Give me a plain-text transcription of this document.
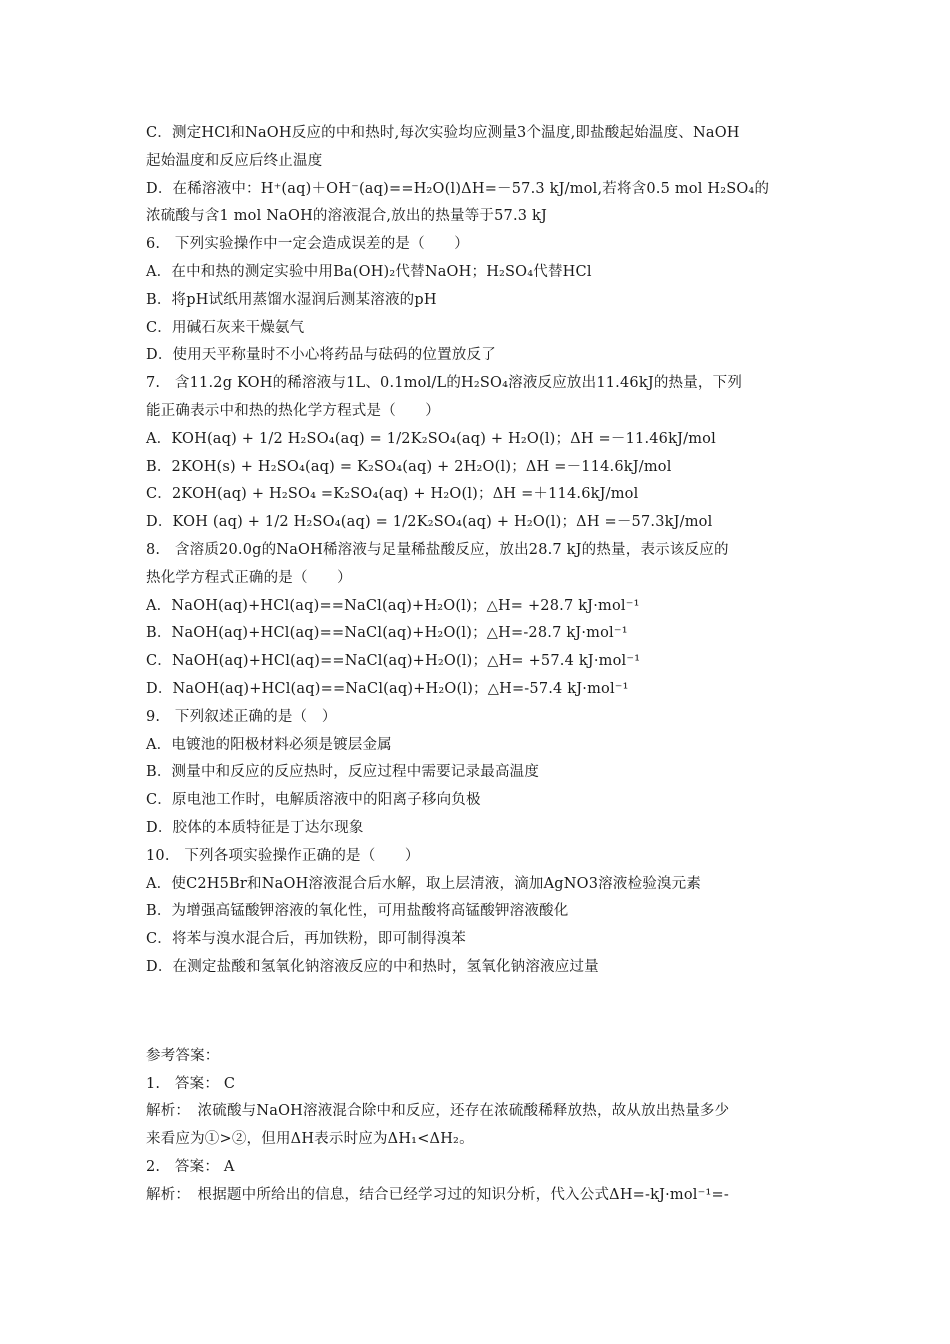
C．测定HCl和NaOH反应的中和热时,每次实验均应测量3个温度,即盐酸起始温度、NaOH
起始温度和反应后终止温度
D．在稀溶液中：H⁺(aq)＋OH⁻(aq)==H₂O(l)ΔH=－57.3 kJ/mol,若将含0.5 mol H₂SO₄的
浓硫酸与含1 mol NaOH的溶液混合,放出的热量等于57.3 kJ
6.　下列实验操作中一定会造成误差的是（　　）
A．在中和热的测定实验中用Ba(OH)₂代替NaOH；H₂SO₄代替HCl
B．将pH试纸用蒸馏水湿润后测某溶液的pH
C．用碱石灰来干燥氨气
D．使用天平称量时不小心将药品与砝码的位置放反了
7.　含11.2g KOH的稀溶液与1L、0.1mol/L的H₂SO₄溶液反应放出11.46kJ的热量，下列
能正确表示中和热的热化学方程式是（　　）
A．KOH(aq) + 1/2 H₂SO₄(aq) = 1/2K₂SO₄(aq) + H₂O(l)；ΔH =－11.46kJ/mol
B．2KOH(s) + H₂SO₄(aq) = K₂SO₄(aq) + 2H₂O(l)；ΔH =－114.6kJ/mol
C．2KOH(aq) + H₂SO₄ =K₂SO₄(aq) + H₂O(l)；ΔH =＋114.6kJ/mol
D．KOH (aq) + 1/2 H₂SO₄(aq) = 1/2K₂SO₄(aq) + H₂O(l)；ΔH =－57.3kJ/mol
8.　含溶质20.0g的NaOH稀溶液与足量稀盐酸反应，放出28.7 kJ的热量，表示该反应的
热化学方程式正确的是（　　）
A．NaOH(aq)+HCl(aq)==NaCl(aq)+H₂O(l)；△H= +28.7 kJ·mol⁻¹
B．NaOH(aq)+HCl(aq)==NaCl(aq)+H₂O(l)；△H=-28.7 kJ·mol⁻¹
C．NaOH(aq)+HCl(aq)==NaCl(aq)+H₂O(l)；△H= +57.4 kJ·mol⁻¹
D．NaOH(aq)+HCl(aq)==NaCl(aq)+H₂O(l)；△H=-57.4 kJ·mol⁻¹
9.　下列叙述正确的是（　）
A．电镀池的阳极材料必须是镀层金属
B．测量中和反应的反应热时，反应过程中需要记录最高温度
C．原电池工作时，电解质溶液中的阳离子移向负极
D．胶体的本质特征是丁达尔现象
10.　下列各项实验操作正确的是（　　）
A．使C2H5Br和NaOH溶液混合后水解，取上层清液，滴加AgNO3溶液检验溴元素
B．为增强高锰酸钾溶液的氧化性，可用盐酸将高锰酸钾溶液酸化
C．将苯与溴水混合后，再加铁粉，即可制得溴苯
D．在测定盐酸和氢氧化钠溶液反应的中和热时，氢氧化钠溶液应过量
参考答案：
1.　答案： C
解析：　浓硫酸与NaOH溶液混合除中和反应，还存在浓硫酸稀释放热，故从放出热量多少
来看应为①>②，但用ΔH表示时应为ΔH₁<ΔH₂。
2.　答案： A
解析：　根据题中所给出的信息，结合已经学习过的知识分析，代入公式ΔH=-kJ·mol⁻¹=-
